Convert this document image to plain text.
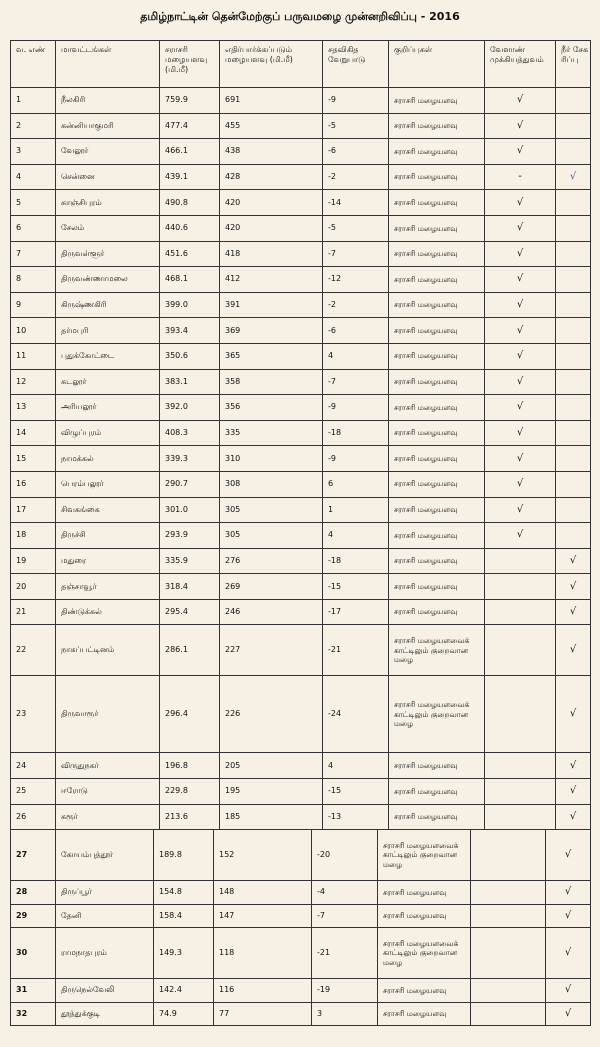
தமிழ்நாட்டின் தென்மேற்குப் பருவமழை முன்னறிவிப்பு - 2016
வ. எண்	மாவட்டங்கள்	சராசரி மழையளவு (மி.மீ)	எதிர்பார்க்கப்படும் மழையளவு (மி.மீ)	சதவிகித வேறுபாடு	குறிப்புகள்	வேளாண் முக்கியத்துவம்	நீர் சேக ரிப்பு
1	நீலகிரி	759.9	691	-9	சராசரி மழையளவு	√	
2	கன்னியாகுமரி	477.4	455	-5	சராசரி மழையளவு	√	
3	வேலூர்	466.1	438	-6	சராசரி மழையளவு	√	
4	சென்னை	439.1	428	-2	சராசரி மழையளவு	-	√
5	காஞ்சிபுரம்	490.8	420	-14	சராசரி மழையளவு	√	
6	சேலம்	440.6	420	-5	சராசரி மழையளவு	√	
7	திருவள்ளூர்	451.6	418	-7	சராசரி மழையளவு	√	
8	திருவண்ணாமலை	468.1	412	-12	சராசரி மழையளவு	√	
9	கிருஷ்ணகிரி	399.0	391	-2	சராசரி மழையளவு	√	
10	தர்மபுரி	393.4	369	-6	சராசரி மழையளவு	√	
11	புதுக்கோட்டை	350.6	365	4	சராசரி மழையளவு	√	
12	கடலூர்	383.1	358	-7	சராசரி மழையளவு	√	
13	அரியலூர்	392.0	356	-9	சராசரி மழையளவு	√	
14	விழுப்புரம்	408.3	335	-18	சராசரி மழையளவு	√	
15	நாமக்கல்	339.3	310	-9	சராசரி மழையளவு	√	
16	பெரம்பலூர்	290.7	308	6	சராசரி மழையளவு	√	
17	சிவகங்கை	301.0	305	1	சராசரி மழையளவு	√	
18	திருச்சி	293.9	305	4	சராசரி மழையளவு	√	
19	மதுரை	335.9	276	-18	சராசரி மழையளவு		√
20	தஞ்சாவூர்	318.4	269	-15	சராசரி மழையளவு		√
21	திண்டுக்கல்	295.4	246	-17	சராசரி மழையளவு		√
22	நாகப்பட்டினம்	286.1	227	-21	சராசரி மழையளவைக் காட்டிலும் குறைவான மழை		√
23	திருவாரூர்	296.4	226	-24	சராசரி மழையளவைக் காட்டிலும் குறைவான மழை		√
24	விருதுநகர்	196.8	205	4	சராசரி மழையளவு		√
25	ஈரோடு	229.8	195	-15	சராசரி மழையளவு		√
26	கரூர்	213.6	185	-13	சராசரி மழையளவு		√
27	கோயம்புத்தூர்	189.8	152	-20	சராசரி மழையளவைக் காட்டிலும் குறைவான மழை		√
28	திருப்பூர்	154.8	148	-4	சராசரி மழையளவு		√
29	தேனி	158.4	147	-7	சராசரி மழையளவு		√
30	ராமநாதபுரம்	149.3	118	-21	சராசரி மழையளவைக் காட்டிலும் குறைவான மழை		√
31	திருநெல்வேலி	142.4	116	-19	சராசரி மழையளவு		√
32	தூத்துக்குடி	74.9	77	3	சராசரி மழையளவு		√
